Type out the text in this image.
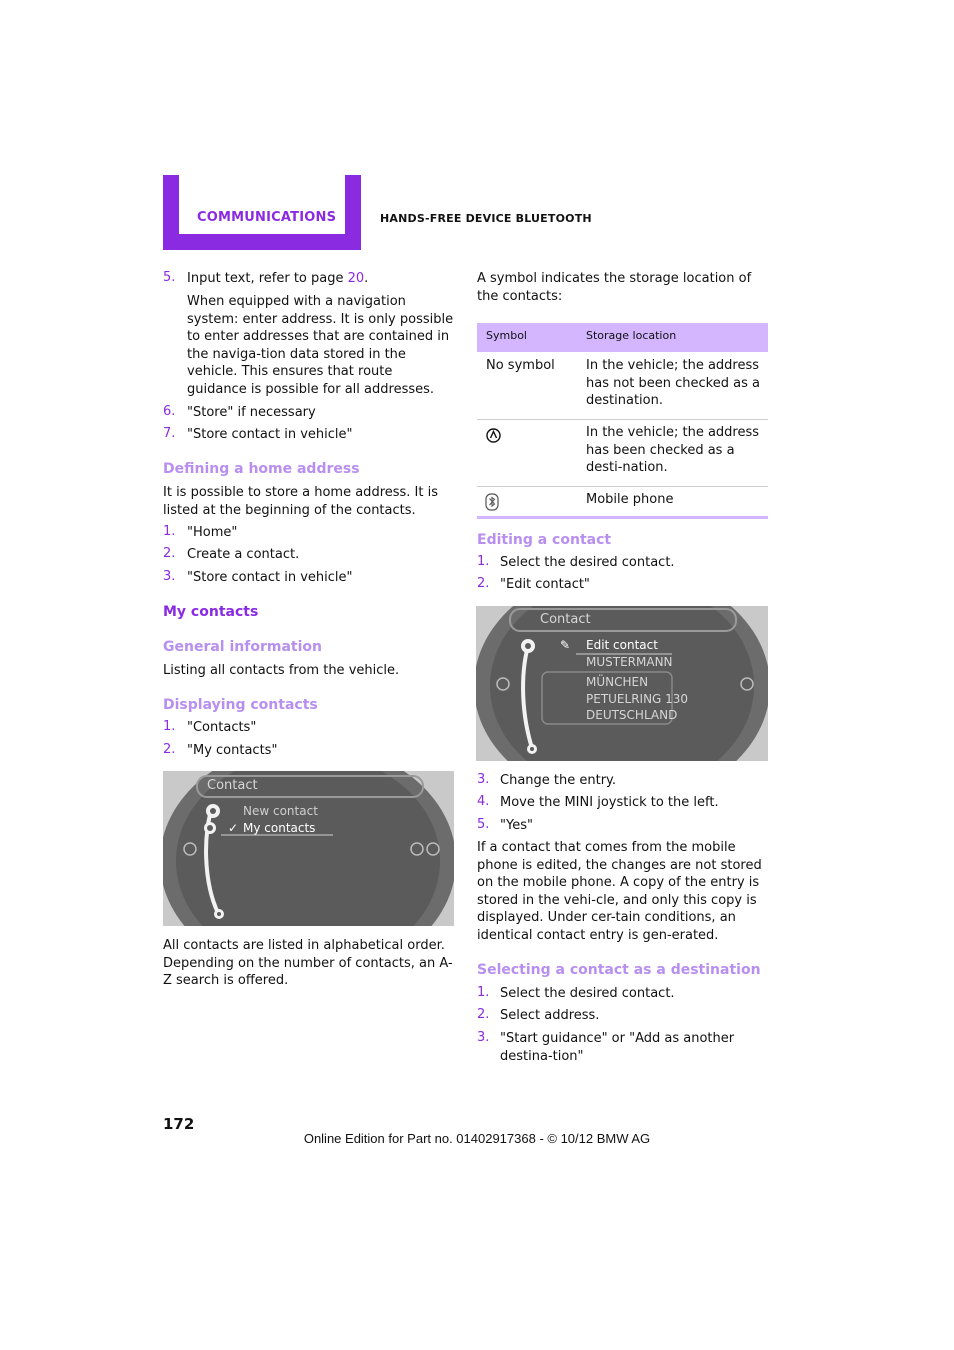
COMMUNICATIONS	HANDS-FREE DEVICE BLUETOOTH
5. Input text, refer to page 20.
When equipped with a navigation system: enter address. It is only possible to enter addresses that are contained in the naviga-tion data stored in the vehicle. This ensures that route guidance is possible for all addresses.
6. "Store" if necessary
7. "Store contact in vehicle"
Defining a home address
It is possible to store a home address. It is listed at the beginning of the contacts.
1. "Home"
2. Create a contact.
3. "Store contact in vehicle"
My contacts
General information
Listing all contacts from the vehicle.
Displaying contacts
1. "Contacts"
2. "My contacts"
Contact
New contact
✓ My contacts
All contacts are listed in alphabetical order. Depending on the number of contacts, an A-Z search is offered.
A symbol indicates the storage location of the contacts:
Symbol	Storage location
No symbol In the vehicle; the address has not been checked as a destination.
In the vehicle; the address has been checked as a desti-nation.
Mobile phone
Editing a contact
1. Select the desired contact.
2. "Edit contact"
Contact
✎ Edit contact
MUSTERMANN
MÜNCHEN
PETUELRING 130
DEUTSCHLAND
3. Change the entry.
4. Move the MINI joystick to the left.
5. "Yes"
If a contact that comes from the mobile phone is edited, the changes are not stored on the mobile phone. A copy of the entry is stored in the vehi-cle, and only this copy is displayed. Under cer-tain conditions, an identical contact entry is gen-erated.
Selecting a contact as a destination
1. Select the desired contact.
2. Select address.
3. "Start guidance" or "Add as another destina-tion"
172
Online Edition for Part no. 01402917368 - © 10/12 BMW AG
